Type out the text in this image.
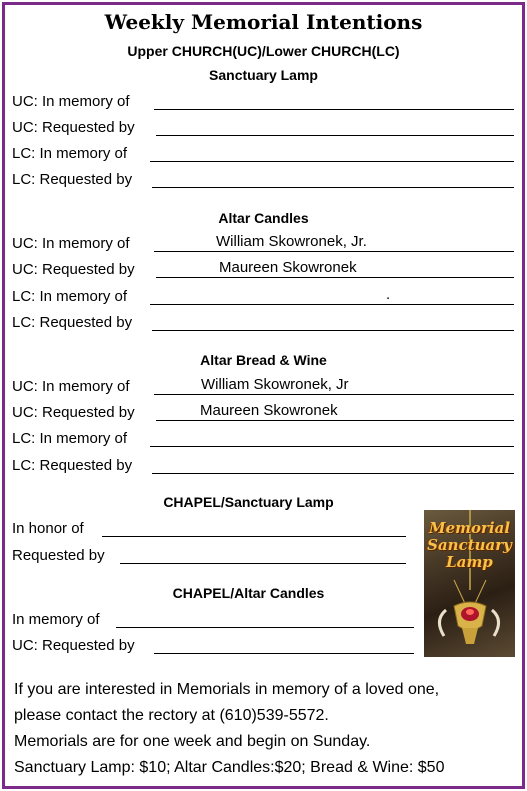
Weekly Memorial Intentions
Upper CHURCH(UC)/Lower CHURCH(LC)
Sanctuary Lamp
UC: In memory of
UC: Requested by
LC: In memory of
LC: Requested by
Altar Candles
UC: In memory of	William Skowronek, Jr.
UC: Requested by	Maureen Skowronek
LC: In memory of	.
LC: Requested by
Altar Bread & Wine
UC: In memory of	William Skowronek, Jr
UC: Requested by	Maureen Skowronek
LC: In memory of
LC: Requested by
CHAPEL/Sanctuary Lamp
In honor of
Requested by
CHAPEL/Altar Candles
In memory of
UC: Requested by
Memorial Sanctuary Lamp
If you are interested in Memorials in memory of a loved one,
please contact the rectory at (610)539-5572.
Memorials are for one week and begin on Sunday.
Sanctuary Lamp: $10; Altar Candles:$20; Bread & Wine: $50
